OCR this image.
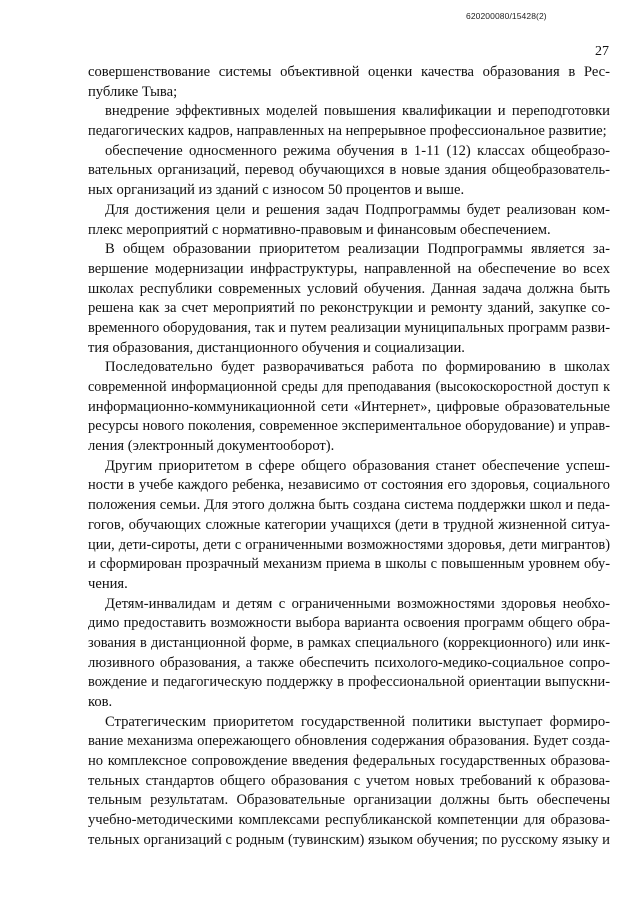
620200080/15428(2)
27
совершенствование системы объективной оценки качества образования в Рес-
публике Тыва;
внедрение эффективных моделей повышения квалификации и переподготовки
педагогических кадров, направленных на непрерывное профессиональное развитие;
обеспечение односменного режима обучения в 1-11 (12) классах общеобразо-
вательных организаций, перевод обучающихся в новые здания общеобразователь-
ных организаций из зданий с износом 50 процентов и выше.
Для достижения цели и решения задач Подпрограммы будет реализован ком-
плекс мероприятий с нормативно-правовым и финансовым обеспечением.
В общем образовании приоритетом реализации Подпрограммы является за-
вершение модернизации инфраструктуры, направленной на обеспечение во всех
школах республики современных условий обучения. Данная задача должна быть
решена как за счет мероприятий по реконструкции и ремонту зданий, закупке со-
временного оборудования, так и путем реализации муниципальных программ разви-
тия образования, дистанционного обучения и социализации.
Последовательно будет разворачиваться работа по формированию в школах
современной информационной среды для преподавания (высокоскоростной доступ к
информационно-коммуникационной сети «Интернет», цифровые образовательные
ресурсы нового поколения, современное экспериментальное оборудование) и управ-
ления (электронный документооборот).
Другим приоритетом в сфере общего образования станет обеспечение успеш-
ности в учебе каждого ребенка, независимо от состояния его здоровья, социального
положения семьи. Для этого должна быть создана система поддержки школ и педа-
гогов, обучающих сложные категории учащихся (дети в трудной жизненной ситуа-
ции, дети-сироты, дети с ограниченными возможностями здоровья, дети мигрантов)
и сформирован прозрачный механизм приема в школы с повышенным уровнем обу-
чения.
Детям-инвалидам и детям с ограниченными возможностями здоровья необхо-
димо предоставить возможности выбора варианта освоения программ общего обра-
зования в дистанционной форме, в рамках специального (коррекционного) или инк-
люзивного образования, а также обеспечить психолого-медико-социальное сопро-
вождение и педагогическую поддержку в профессиональной ориентации выпускни-
ков.
Стратегическим приоритетом государственной политики выступает формиро-
вание механизма опережающего обновления содержания образования. Будет созда-
но комплексное сопровождение введения федеральных государственных образова-
тельных стандартов общего образования с учетом новых требований к образова-
тельным результатам. Образовательные организации должны быть обеспечены
учебно-методическими комплексами республиканской компетенции для образова-
тельных организаций с родным (тувинским) языком обучения; по русскому языку и
